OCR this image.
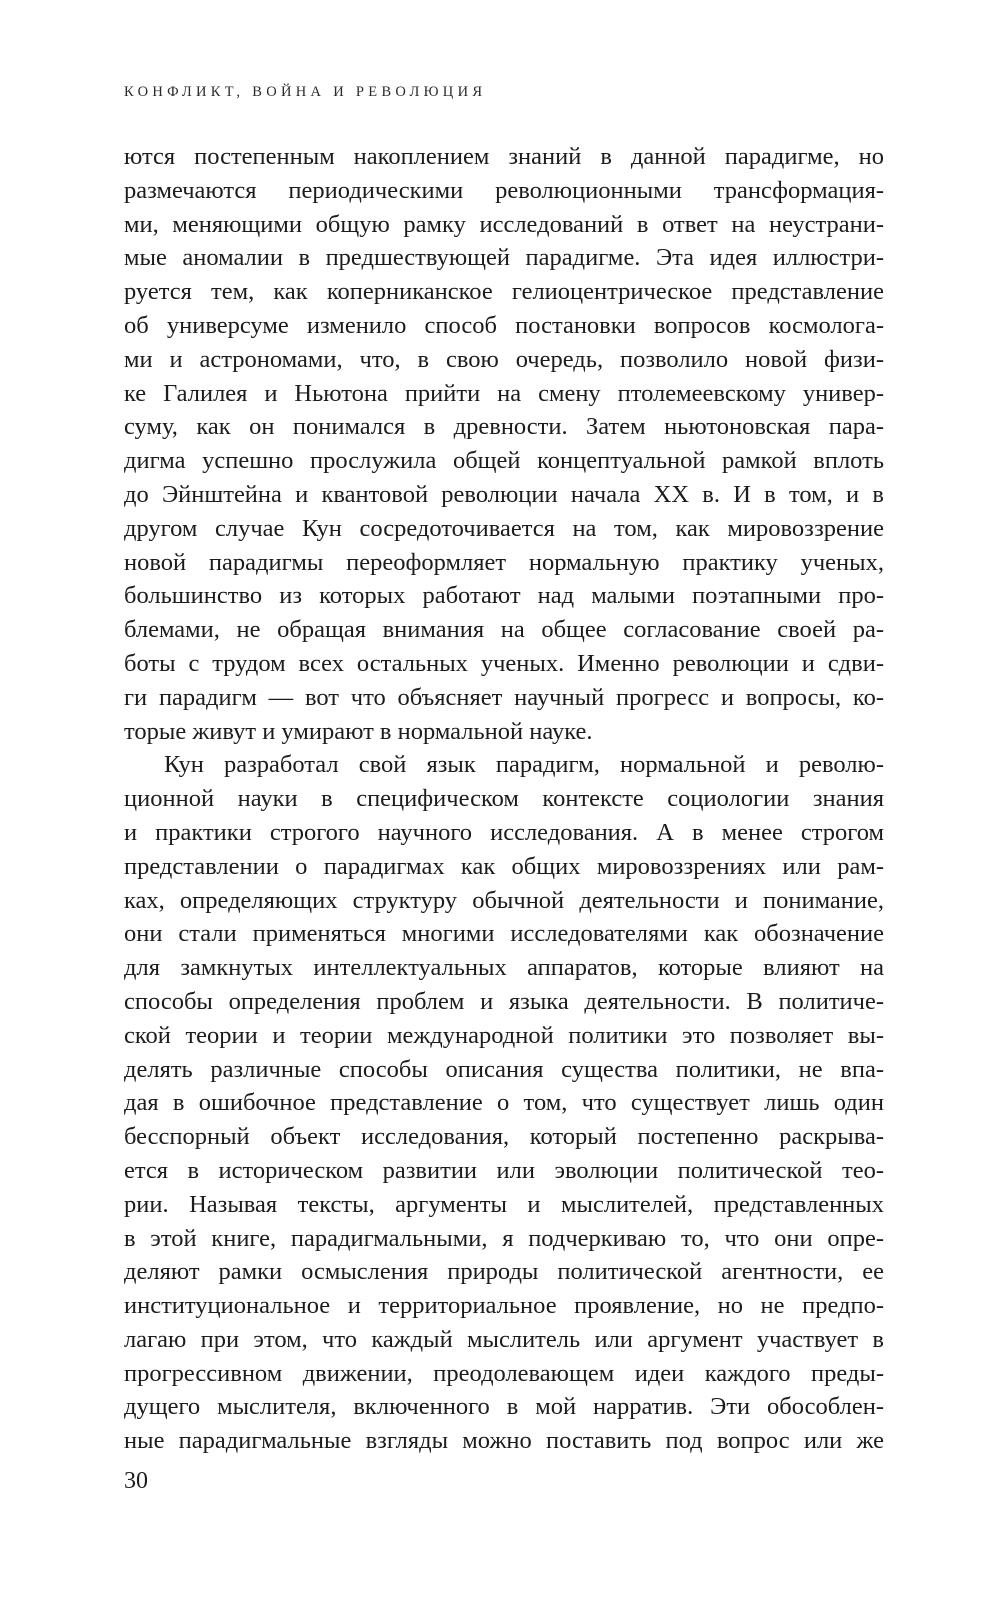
КОНФЛИКТ, ВОЙНА И РЕВОЛЮЦИЯ
ются постепенным накоплением знаний в данной парадигме, но
размечаются периодическими революционными трансформация-
ми, меняющими общую рамку исследований в ответ на неустрани-
мые аномалии в предшествующей парадигме. Эта идея иллюстри-
руется тем, как коперниканское гелиоцентрическое представление
об универсуме изменило способ постановки вопросов космолога-
ми и астрономами, что, в свою очередь, позволило новой физи-
ке Галилея и Ньютона прийти на смену птолемеевскому универ-
суму, как он понимался в древности. Затем ньютоновская пара-
дигма успешно прослужила общей концептуальной рамкой вплоть
до Эйнштейна и квантовой революции начала XX в. И в том, и в
другом случае Кун сосредоточивается на том, как мировоззрение
новой парадигмы переоформляет нормальную практику ученых,
большинство из которых работают над малыми поэтапными про-
блемами, не обращая внимания на общее согласование своей ра-
боты с трудом всех остальных ученых. Именно революции и сдви-
ги парадигм — вот что объясняет научный прогресс и вопросы, ко-
торые живут и умирают в нормальной науке.
Кун разработал свой язык парадигм, нормальной и револю-
ционной науки в специфическом контексте социологии знания
и практики строгого научного исследования. А в менее строгом
представлении о парадигмах как общих мировоззрениях или рам-
ках, определяющих структуру обычной деятельности и понимание,
они стали применяться многими исследователями как обозначение
для замкнутых интеллектуальных аппаратов, которые влияют на
способы определения проблем и языка деятельности. В политиче-
ской теории и теории международной политики это позволяет вы-
делять различные способы описания существа политики, не впа-
дая в ошибочное представление о том, что существует лишь один
бесспорный объект исследования, который постепенно раскрыва-
ется в историческом развитии или эволюции политической тео-
рии. Называя тексты, аргументы и мыслителей, представленных
в этой книге, парадигмальными, я подчеркиваю то, что они опре-
деляют рамки осмысления природы политической агентности, ее
институциональное и территориальное проявление, но не предпо-
лагаю при этом, что каждый мыслитель или аргумент участвует в
прогрессивном движении, преодолевающем идеи каждого преды-
дущего мыслителя, включенного в мой нарратив. Эти обособлен-
ные парадигмальные взгляды можно поставить под вопрос или же
30
